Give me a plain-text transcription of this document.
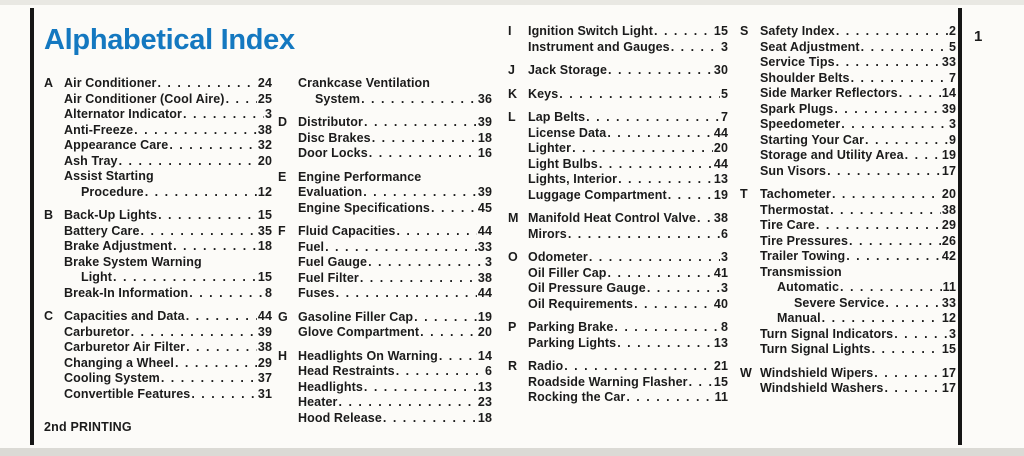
Alphabetical Index	1
A Air Conditioner . . .	24
Air Conditioner (Cool Aire) . . .	25
Alternator Indicator . . .	3
Anti-Freeze . . .	38
Appearance Care . . .	32
Ash Tray . . .	20
Assist Starting
Procedure . . .	12
B Back-Up Lights . . .	15
Battery Care . . .	35
Brake Adjustment . . .	18
Brake System Warning
Light . . .	15
Break-In Information . . .	8
C Capacities and Data . . .	44
Carburetor . . .	39
Carburetor Air Filter . . .	38
Changing a Wheel . . .	29
Cooling System . . .	37
Convertible Features . . .	31
Crankcase Ventilation
System . . .	36
D Distributor . . .	39
Disc Brakes . . .	18
Door Locks . . .	16
E Engine Performance
Evaluation . . .	39
Engine Specifications . . .	45
F Fluid Capacities . . .	44
Fuel . . .	33
Fuel Gauge . . .	3
Fuel Filter . . .	38
Fuses . . .	44
G Gasoline Filler Cap . . .	19
Glove Compartment . . .	20
H Headlights On Warning . . .	14
Head Restraints . . .	6
Headlights . . .	13
Heater . . .	23
Hood Release . . .	18
I	Ignition Switch Light . . .	15
Instrument and Gauges . . .	3
J	Jack Storage . . .	30
K Keys . . .	5
L Lap Belts . . .	7
License Data . . .	44
Lighter . . .	20
Light Bulbs . . .	44
Lights, Interior . . .	13
Luggage Compartment . . .	19
M Manifold Heat Control Valve . . . 38
Mirors . . .	6
O Odometer . . .	3
Oil Filler Cap . . .	41
Oil Pressure Gauge . . .	3
Oil Requirements . . .	40
P Parking Brake . . .	8
Parking Lights . . .	13
R Radio . . .	21
Roadside Warning Flasher . . . 15
Rocking the Car . . .	11
S Safety Index . . .	2
Seat Adjustment . . .	5
Service Tips . . .	33
Shoulder Belts . . .	7
Side Marker Reflectors . . .	14
Spark Plugs . . .	39
Speedometer . . .	3
Starting Your Car . . .	9
Storage and Utility Area . . .	19
Sun Visors . . .	17
T Tachometer . . .	20
Thermostat . . .	38
Tire Care . . .	29
Tire Pressures . . .	26
Trailer Towing . . .	42
Transmission
Automatic . . .	11
Severe Service . . .	33
Manual . . .	12
Turn Signal Indicators . . .	3
Turn Signal Lights . . .	15
W Windshield Wipers . . .	17
Windshield Washers . . .	17
2nd PRINTING
